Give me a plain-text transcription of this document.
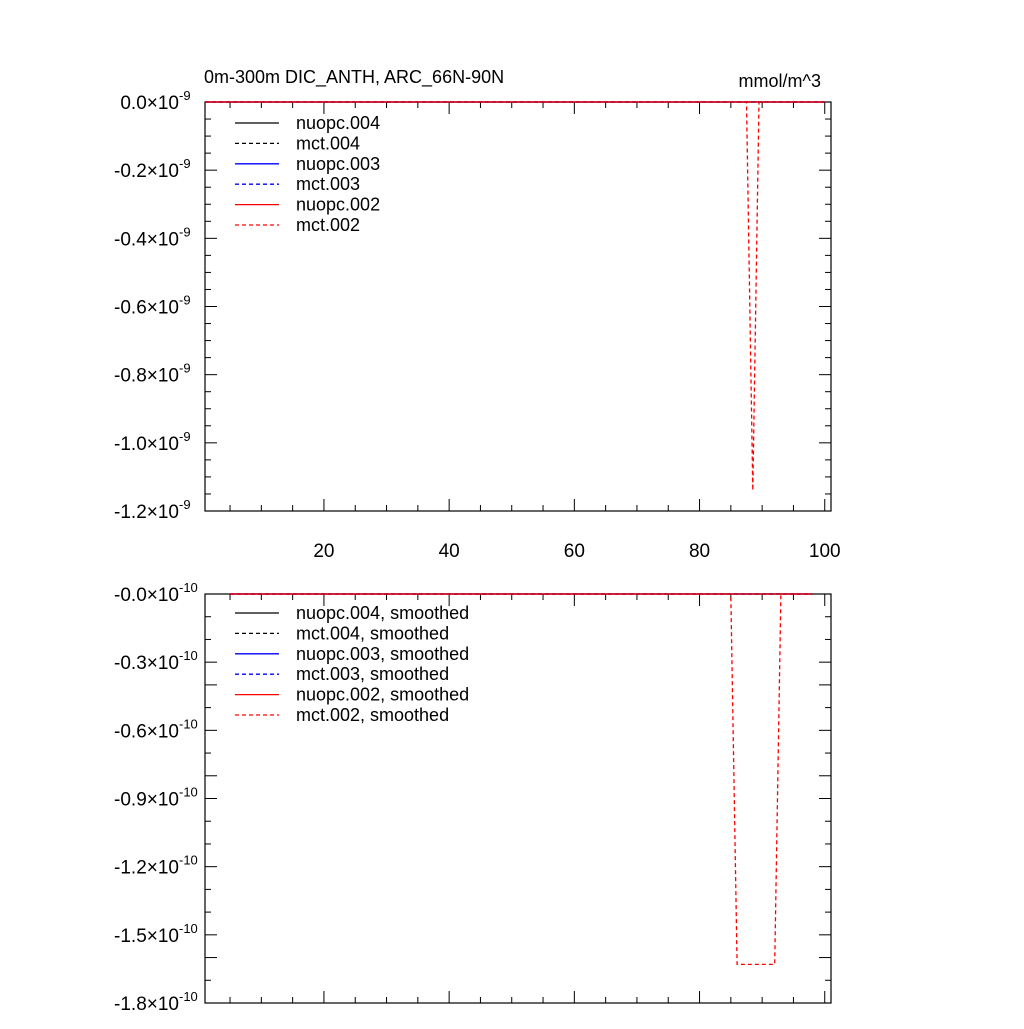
0m-300m DIC_ANTH, ARC_66N-90N	mmol/m^3
20	40	60	80	100
0.0×10 -9
-0.2×10 -9
-0.4×10 -9
-0.6×10 -9
-0.8×10 -9
-1.0×10 -9
-1.2×10 -9
nuopc.004
mct.004
nuopc.003
mct.003
nuopc.002
mct.002
-0.0×10 -10
-0.3×10 -10
-0.6×10 -10
-0.9×10 -10
-1.2×10 -10
-1.5×10 -10
-1.8×10 -10
nuopc.004, smoothed
mct.004, smoothed
nuopc.003, smoothed
mct.003, smoothed
nuopc.002, smoothed
mct.002, smoothed
